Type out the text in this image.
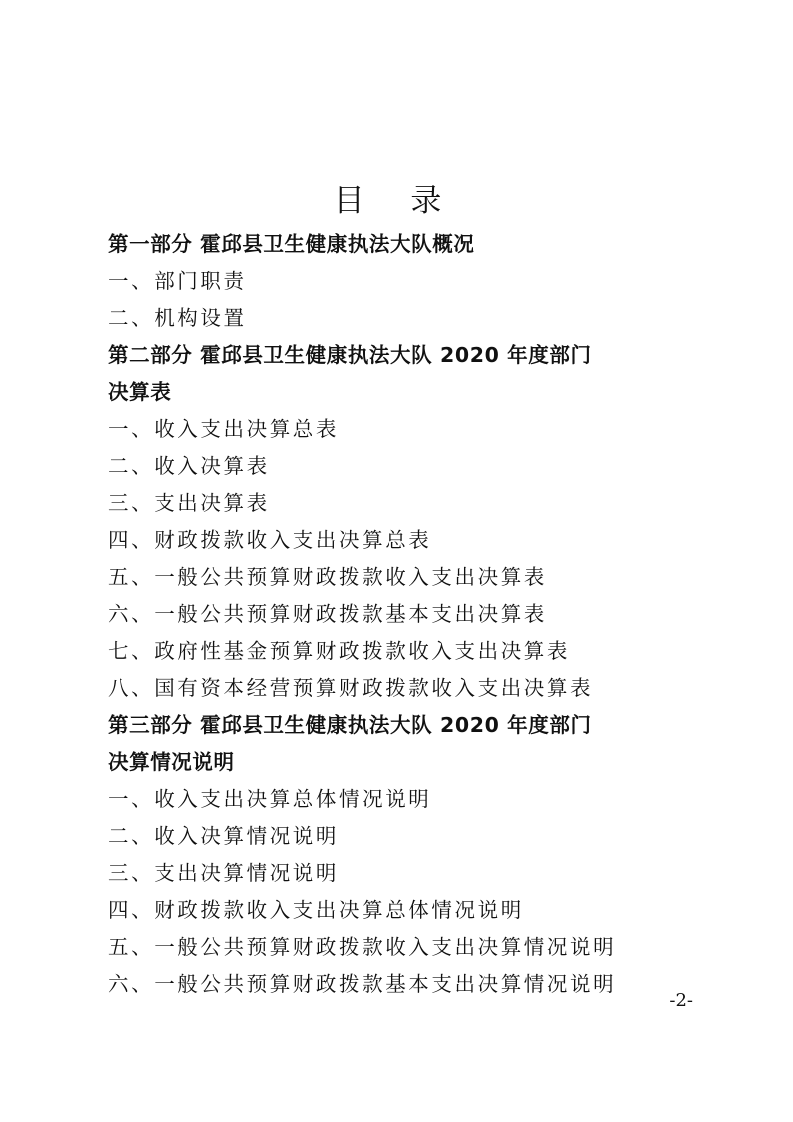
目 录
第一部分 霍邱县卫生健康执法大队概况
一、部门职责
二、机构设置
第二部分 霍邱县卫生健康执法大队 2020 年度部门
决算表
一、收入支出决算总表
二、收入决算表
三、支出决算表
四、财政拨款收入支出决算总表
五、一般公共预算财政拨款收入支出决算表
六、一般公共预算财政拨款基本支出决算表
七、政府性基金预算财政拨款收入支出决算表
八、国有资本经营预算财政拨款收入支出决算表
第三部分 霍邱县卫生健康执法大队 2020 年度部门
决算情况说明
一、收入支出决算总体情况说明
二、收入决算情况说明
三、支出决算情况说明
四、财政拨款收入支出决算总体情况说明
五、一般公共预算财政拨款收入支出决算情况说明
六、一般公共预算财政拨款基本支出决算情况说明
-2-
